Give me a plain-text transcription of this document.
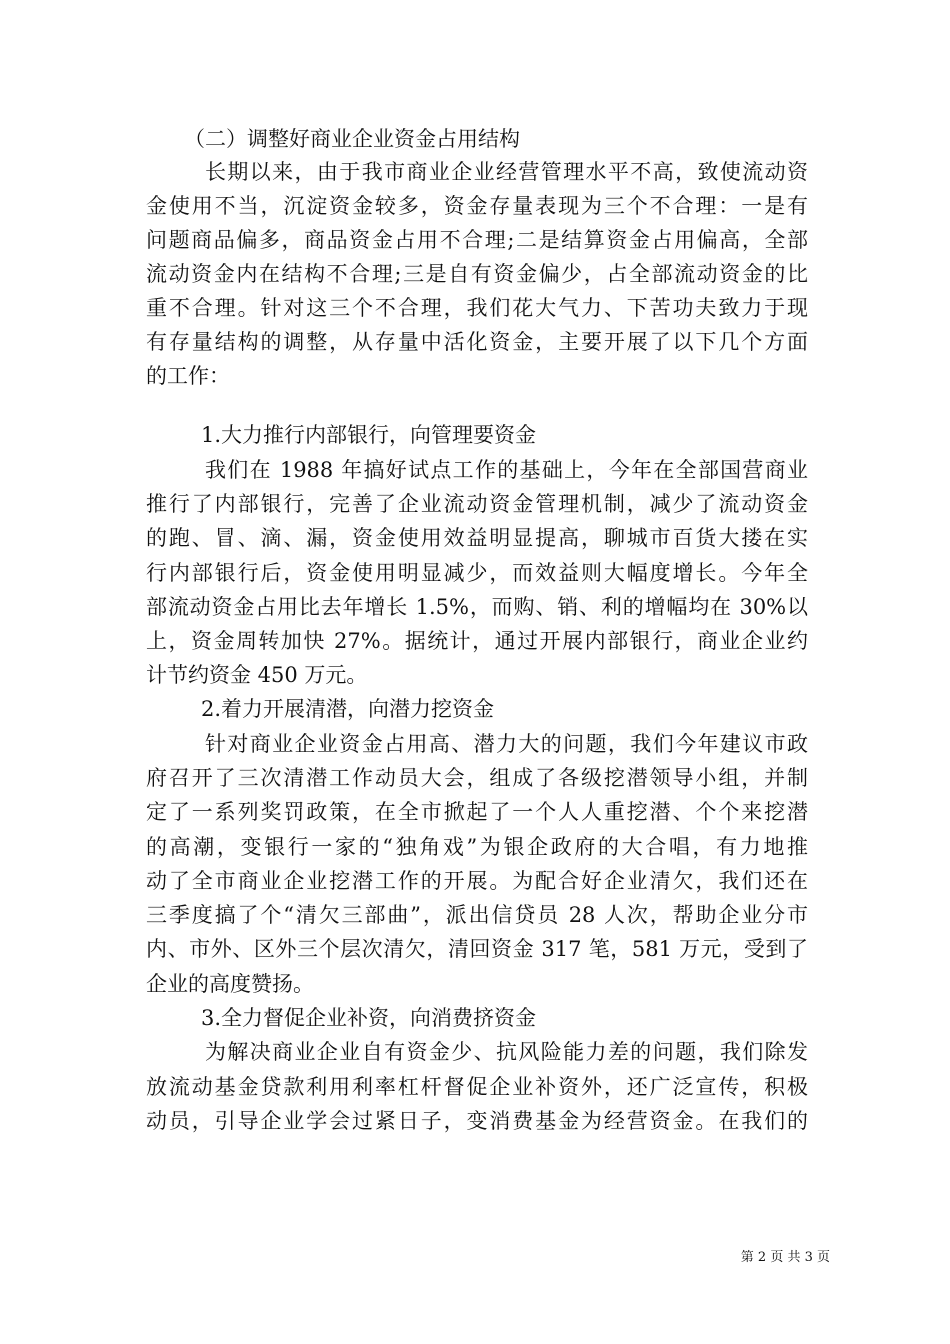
（二）调整好商业企业资金占用结构
长期以来，由于我市商业企业经营管理水平不高，致使流动资
金使用不当，沉淀资金较多，资金存量表现为三个不合理：一是有
问题商品偏多，商品资金占用不合理;二是结算资金占用偏高，全部
流动资金内在结构不合理;三是自有资金偏少，占全部流动资金的比
重不合理。针对这三个不合理，我们花大气力、下苦功夫致力于现
有存量结构的调整，从存量中活化资金，主要开展了以下几个方面
的工作：
1.大力推行内部银行，向管理要资金
我们在 1988 年搞好试点工作的基础上，今年在全部国营商业
推行了内部银行，完善了企业流动资金管理机制，减少了流动资金
的跑、冒、滴、漏，资金使用效益明显提高，聊城市百货大搂在实
行内部银行后，资金使用明显减少，而效益则大幅度增长。今年全
部流动资金占用比去年增长 1.5%，而购、销、利的增幅均在 30%以
上，资金周转加快 27%。据统计，通过开展内部银行，商业企业约
计节约资金 450 万元。
2.着力开展清潜，向潜力挖资金
针对商业企业资金占用高、潜力大的问题，我们今年建议市政
府召开了三次清潜工作动员大会，组成了各级挖潜领导小组，并制
定了一系列奖罚政策，在全市掀起了一个人人重挖潜、个个来挖潜
的高潮，变银行一家的“独角戏”为银企政府的大合唱，有力地推
动了全市商业企业挖潜工作的开展。为配合好企业清欠，我们还在
三季度搞了个“清欠三部曲”，派出信贷员 28 人次，帮助企业分市
内、市外、区外三个层次清欠，清回资金 317 笔，581 万元，受到了
企业的高度赞扬。
3.全力督促企业补资，向消费挤资金
为解决商业企业自有资金少、抗风险能力差的问题，我们除发
放流动基金贷款利用利率杠杆督促企业补资外，还广泛宣传，积极
动员，引导企业学会过紧日子，变消费基金为经营资金。在我们的
第 2 页 共 3 页
